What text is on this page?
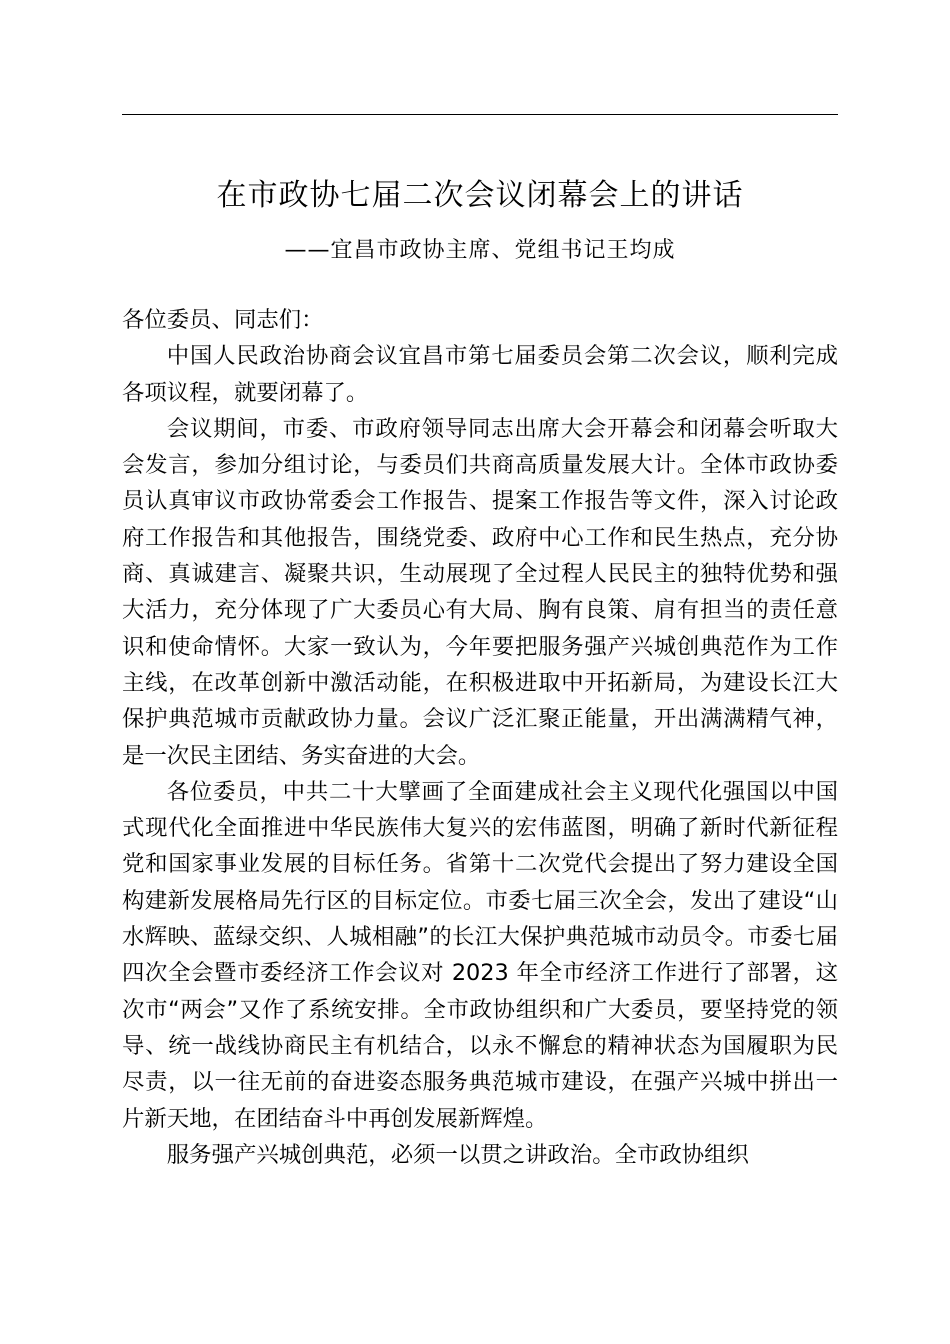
在市政协七届二次会议闭幕会上的讲话
——宜昌市政协主席、党组书记王均成

各位委员、同志们：

中国人民政治协商会议宜昌市第七届委员会第二次会议，顺利完成各项议程，就要闭幕了。

会议期间，市委、市政府领导同志出席大会开幕会和闭幕会听取大会发言，参加分组讨论，与委员们共商高质量发展大计。全体市政协委员认真审议市政协常委会工作报告、提案工作报告等文件，深入讨论政府工作报告和其他报告，围绕党委、政府中心工作和民生热点，充分协商、真诚建言、凝聚共识，生动展现了全过程人民民主的独特优势和强大活力，充分体现了广大委员心有大局、胸有良策、肩有担当的责任意识和使命情怀。大家一致认为，今年要把服务强产兴城创典范作为工作主线，在改革创新中激活动能，在积极进取中开拓新局，为建设长江大保护典范城市贡献政协力量。会议广泛汇聚正能量，开出满满精气神，是一次民主团结、务实奋进的大会。

各位委员，中共二十大擘画了全面建成社会主义现代化强国以中国式现代化全面推进中华民族伟大复兴的宏伟蓝图，明确了新时代新征程党和国家事业发展的目标任务。省第十二次党代会提出了努力建设全国构建新发展格局先行区的目标定位。市委七届三次全会，发出了建设“山水辉映、蓝绿交织、人城相融”的长江大保护典范城市动员令。市委七届四次全会暨市委经济工作会议对 2023 年全市经济工作进行了部署，这次市“两会”又作了系统安排。全市政协组织和广大委员，要坚持党的领导、统一战线协商民主有机结合，以永不懈怠的精神状态为国履职为民尽责，以一往无前的奋进姿态服务典范城市建设，在强产兴城中拼出一片新天地，在团结奋斗中再创发展新辉煌。

服务强产兴城创典范，必须一以贯之讲政治。全市政协组织
